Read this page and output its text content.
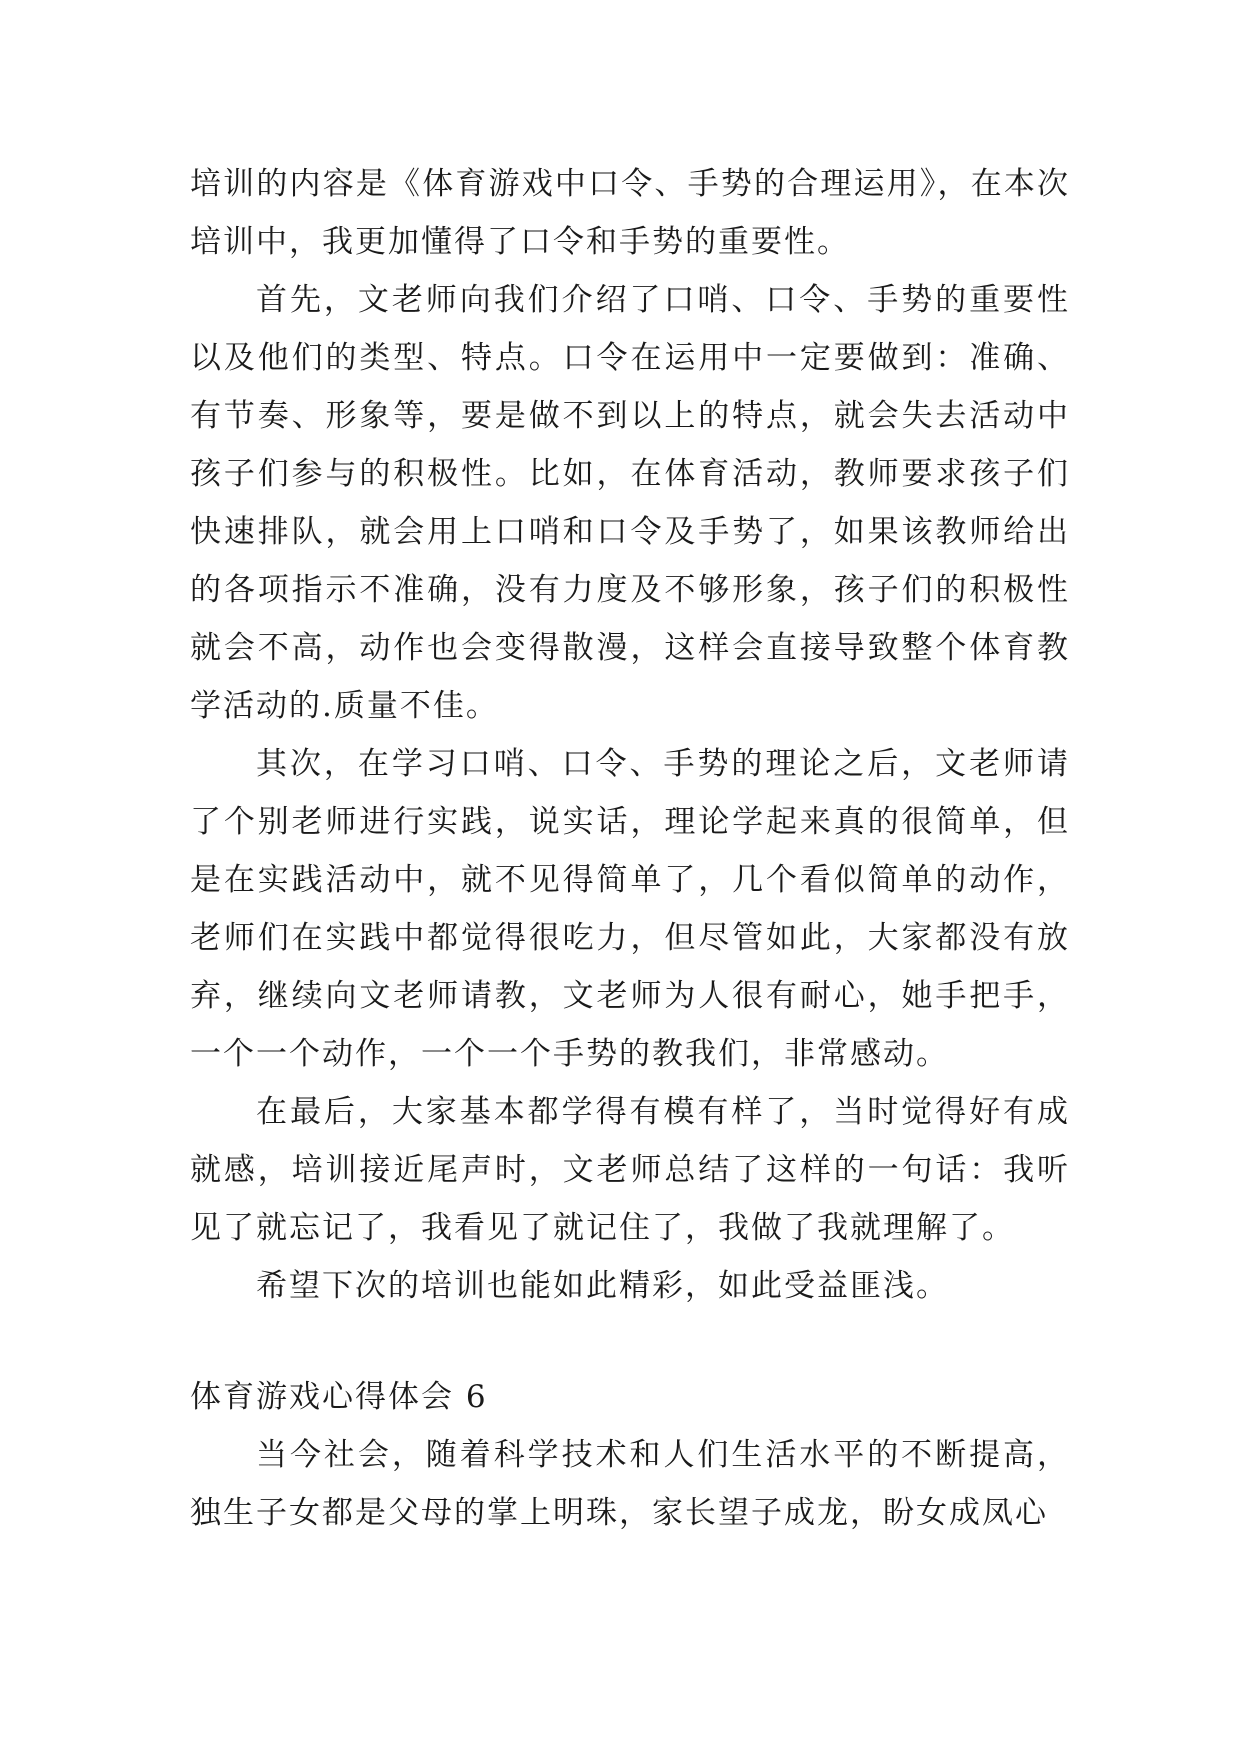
培训的内容是《体育游戏中口令、手势的合理运用》，在本次培训中，我更加懂得了口令和手势的重要性。

首先，文老师向我们介绍了口哨、口令、手势的重要性以及他们的类型、特点。口令在运用中一定要做到：准确、有节奏、形象等，要是做不到以上的特点，就会失去活动中孩子们参与的积极性。比如，在体育活动，教师要求孩子们快速排队，就会用上口哨和口令及手势了，如果该教师给出的各项指示不准确，没有力度及不够形象，孩子们的积极性就会不高，动作也会变得散漫，这样会直接导致整个体育教学活动的.质量不佳。

其次，在学习口哨、口令、手势的理论之后，文老师请了个别老师进行实践，说实话，理论学起来真的很简单，但是在实践活动中，就不见得简单了，几个看似简单的动作，老师们在实践中都觉得很吃力，但尽管如此，大家都没有放弃，继续向文老师请教，文老师为人很有耐心，她手把手，一个一个动作，一个一个手势的教我们，非常感动。

在最后，大家基本都学得有模有样了，当时觉得好有成就感，培训接近尾声时，文老师总结了这样的一句话：我听见了就忘记了，我看见了就记住了，我做了我就理解了。

希望下次的培训也能如此精彩，如此受益匪浅。

体育游戏心得体会 6

当今社会，随着科学技术和人们生活水平的不断提高，独生子女都是父母的掌上明珠，家长望子成龙，盼女成凤心
